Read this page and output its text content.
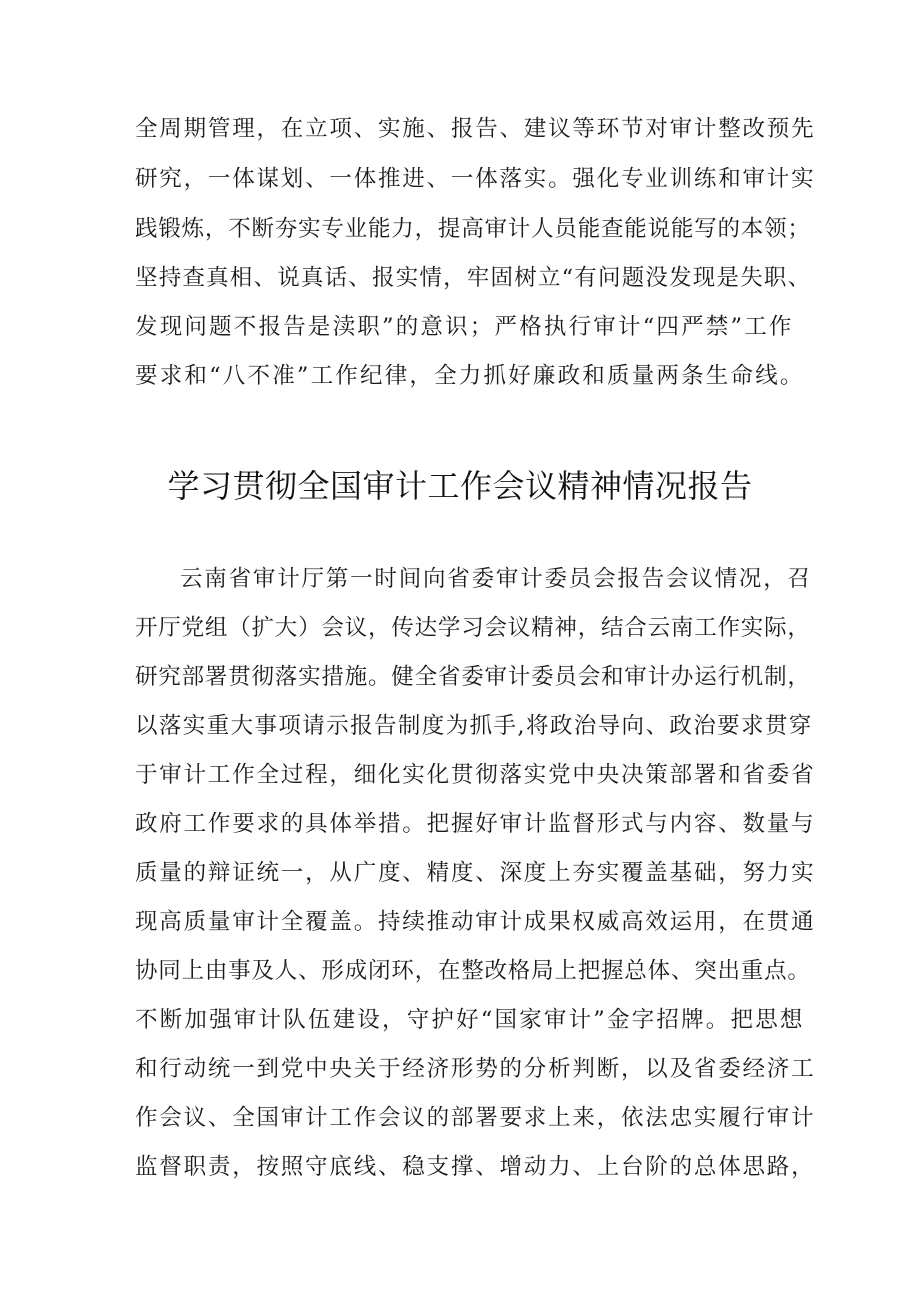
全周期管理，在立项、实施、报告、建议等环节对审计整改预先
研究，一体谋划、一体推进、一体落实。强化专业训练和审计实
践锻炼，不断夯实专业能力，提高审计人员能查能说能写的本领；
坚持查真相、说真话、报实情，牢固树立“有问题没发现是失职、
发现问题不报告是渎职”的意识；严格执行审计“四严禁”工作
要求和“八不准”工作纪律，全力抓好廉政和质量两条生命线。
学习贯彻全国审计工作会议精神情况报告
云南省审计厅第一时间向省委审计委员会报告会议情况，召
开厅党组（扩大）会议，传达学习会议精神，结合云南工作实际，
研究部署贯彻落实措施。健全省委审计委员会和审计办运行机制，
以落实重大事项请示报告制度为抓手,将政治导向、政治要求贯穿
于审计工作全过程，细化实化贯彻落实党中央决策部署和省委省
政府工作要求的具体举措。把握好审计监督形式与内容、数量与
质量的辩证统一，从广度、精度、深度上夯实覆盖基础，努力实
现高质量审计全覆盖。持续推动审计成果权威高效运用，在贯通
协同上由事及人、形成闭环，在整改格局上把握总体、突出重点。
不断加强审计队伍建设，守护好“国家审计”金字招牌。把思想
和行动统一到党中央关于经济形势的分析判断，以及省委经济工
作会议、全国审计工作会议的部署要求上来，依法忠实履行审计
监督职责，按照守底线、稳支撑、增动力、上台阶的总体思路，
